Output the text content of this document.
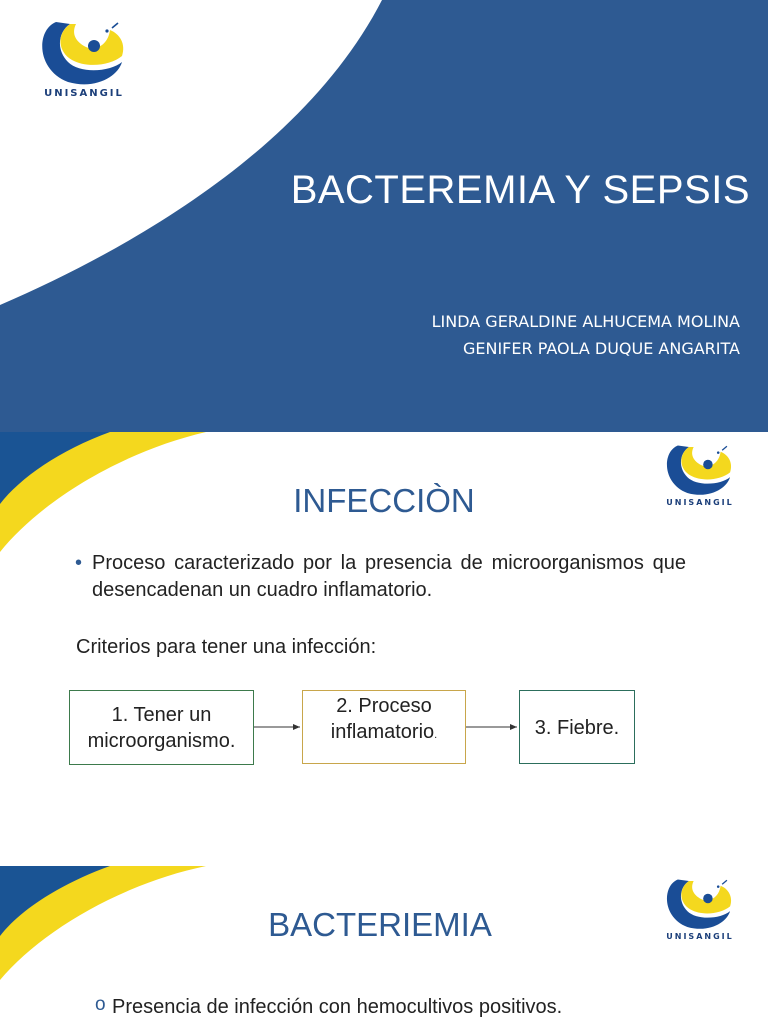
UNISANGIL
BACTEREMIA Y SEPSIS
LINDA GERALDINE ALHUCEMA MOLINA
GENIFER PAOLA DUQUE ANGARITA
UNISANGIL
INFECCIÒN
• Proceso caracterizado por la presencia de microorganismos que desencadenan un cuadro inflamatorio.
Criterios para tener una infección:
1. Tener un
microorganismo.
2. Proceso
inflamatorio.	3. Fiebre.
UNISANGIL
BACTERIEMIA
o Presencia de infección con hemocultivos positivos.
